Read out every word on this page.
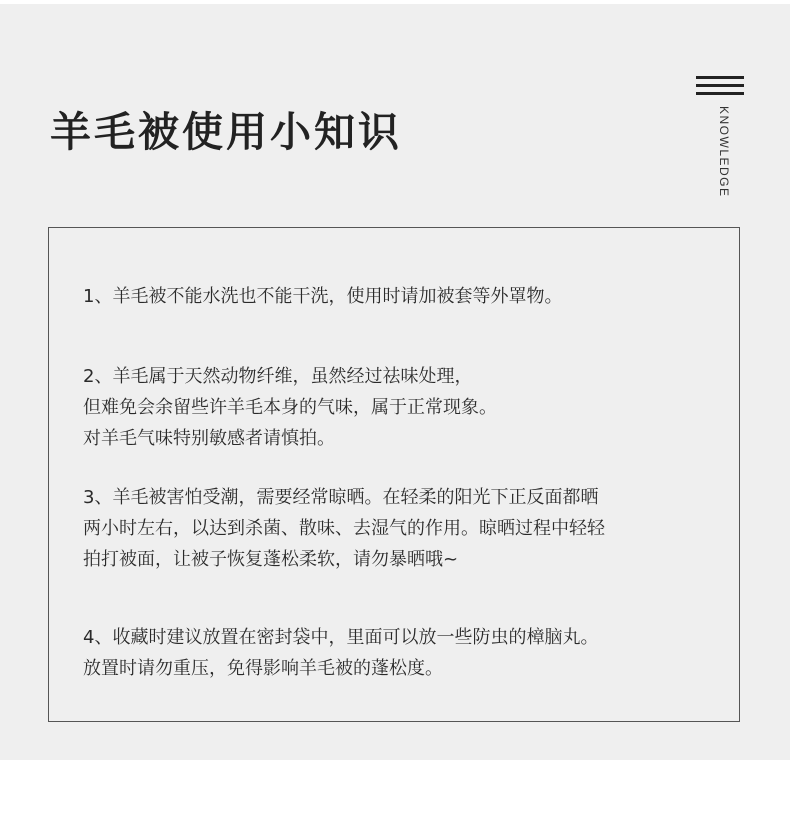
羊毛被使用小知识	KNOWLEDGE
1、羊毛被不能水洗也不能干洗，使用时请加被套等外罩物。
2、羊毛属于天然动物纤维，虽然经过祛味处理，
但难免会余留些许羊毛本身的气味，属于正常现象。
对羊毛气味特别敏感者请慎拍。
3、羊毛被害怕受潮，需要经常晾晒。在轻柔的阳光下正反面都晒
两小时左右，以达到杀菌、散味、去湿气的作用。晾晒过程中轻轻
拍打被面，让被子恢复蓬松柔软，请勿暴晒哦~
4、收藏时建议放置在密封袋中，里面可以放一些防虫的樟脑丸。
放置时请勿重压，免得影响羊毛被的蓬松度。
